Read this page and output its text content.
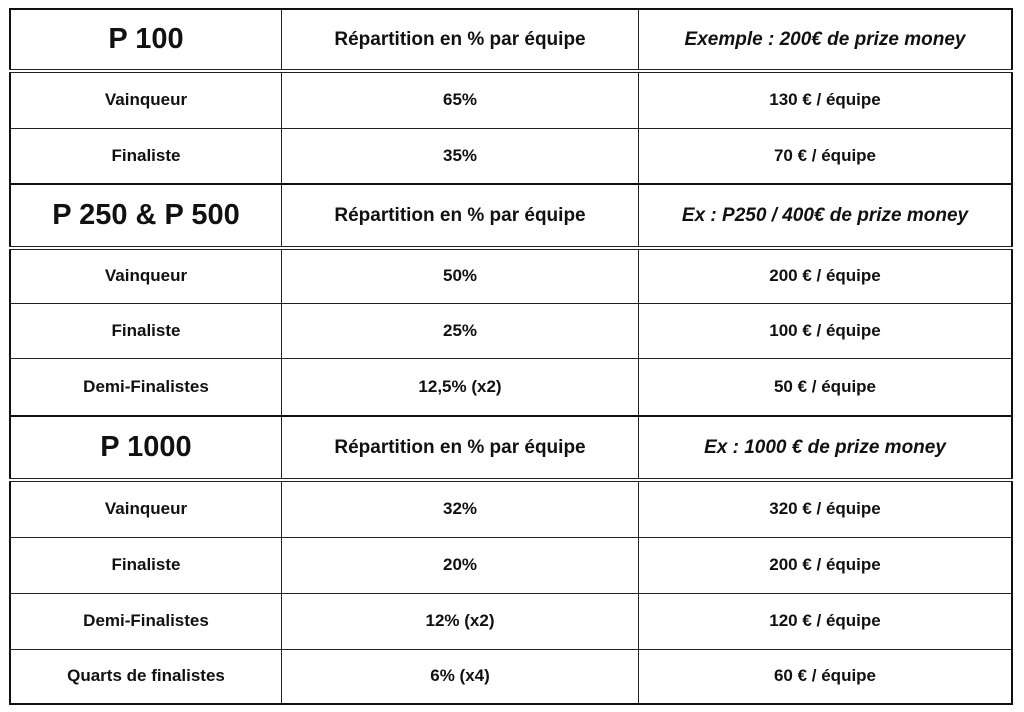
P 100	Répartition en % par équipe	Exemple : 200€ de prize money
Vainqueur	65%	130 € / équipe
Finaliste	35%	70 € / équipe
P 250 & P 500	Répartition en % par équipe	Ex : P250 / 400€ de prize money
Vainqueur	50%	200 € / équipe
Finaliste	25%	100 € / équipe
Demi-Finalistes	12,5% (x2)	50 € / équipe
P 1000	Répartition en % par équipe	Ex : 1000 € de prize money
Vainqueur	32%	320 € / équipe
Finaliste	20%	200 € / équipe
Demi-Finalistes	12% (x2)	120 € / équipe
Quarts de finalistes	6% (x4)	60 € / équipe
